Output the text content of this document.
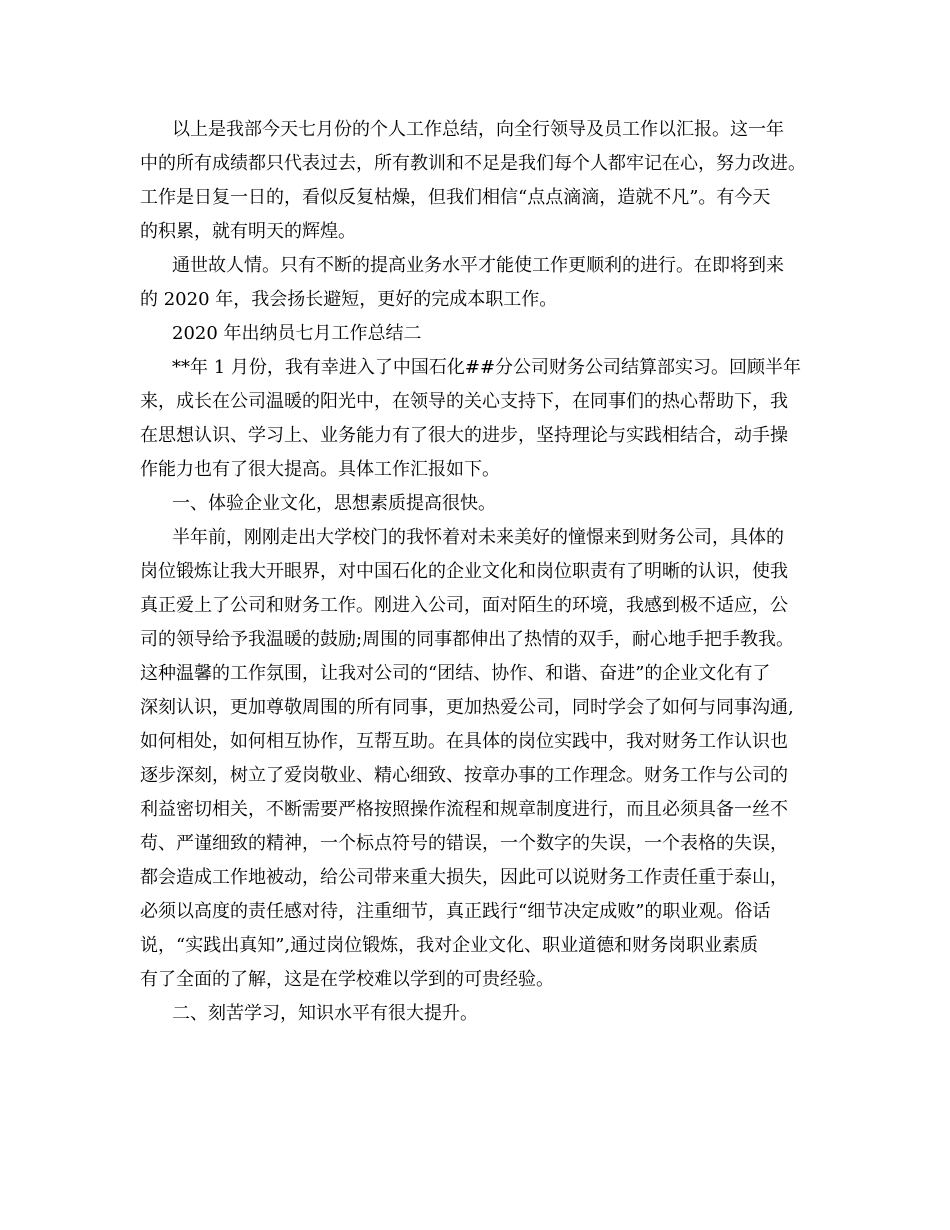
以上是我部今天七月份的个人工作总结，向全行领导及员工作以汇报。这一年
中的所有成绩都只代表过去，所有教训和不足是我们每个人都牢记在心，努力改进。
工作是日复一日的，看似反复枯燥，但我们相信“点点滴滴，造就不凡”。有今天
的积累，就有明天的辉煌。
通世故人情。只有不断的提高业务水平才能使工作更顺利的进行。在即将到来
的 2020 年，我会扬长避短，更好的完成本职工作。
2020 年出纳员七月工作总结二
**年 1 月份，我有幸进入了中国石化##分公司财务公司结算部实习。回顾半年
来，成长在公司温暖的阳光中，在领导的关心支持下，在同事们的热心帮助下，我
在思想认识、学习上、业务能力有了很大的进步，坚持理论与实践相结合，动手操
作能力也有了很大提高。具体工作汇报如下。
一、体验企业文化，思想素质提高很快。
半年前，刚刚走出大学校门的我怀着对未来美好的憧憬来到财务公司，具体的
岗位锻炼让我大开眼界，对中国石化的企业文化和岗位职责有了明晰的认识，使我
真正爱上了公司和财务工作。刚进入公司，面对陌生的环境，我感到极不适应，公
司的领导给予我温暖的鼓励;周围的同事都伸出了热情的双手，耐心地手把手教我。
这种温馨的工作氛围，让我对公司的“团结、协作、和谐、奋进”的企业文化有了
深刻认识，更加尊敬周围的所有同事，更加热爱公司，同时学会了如何与同事沟通,
如何相处，如何相互协作，互帮互助。在具体的岗位实践中，我对财务工作认识也
逐步深刻，树立了爱岗敬业、精心细致、按章办事的工作理念。财务工作与公司的
利益密切相关，不断需要严格按照操作流程和规章制度进行，而且必须具备一丝不
苟、严谨细致的精神，一个标点符号的错误，一个数字的失误，一个表格的失误，
都会造成工作地被动，给公司带来重大损失，因此可以说财务工作责任重于泰山，
必须以高度的责任感对待，注重细节，真正践行“细节决定成败”的职业观。俗话
说，“实践出真知”,通过岗位锻炼，我对企业文化、职业道德和财务岗职业素质
有了全面的了解，这是在学校难以学到的可贵经验。
二、刻苦学习，知识水平有很大提升。
